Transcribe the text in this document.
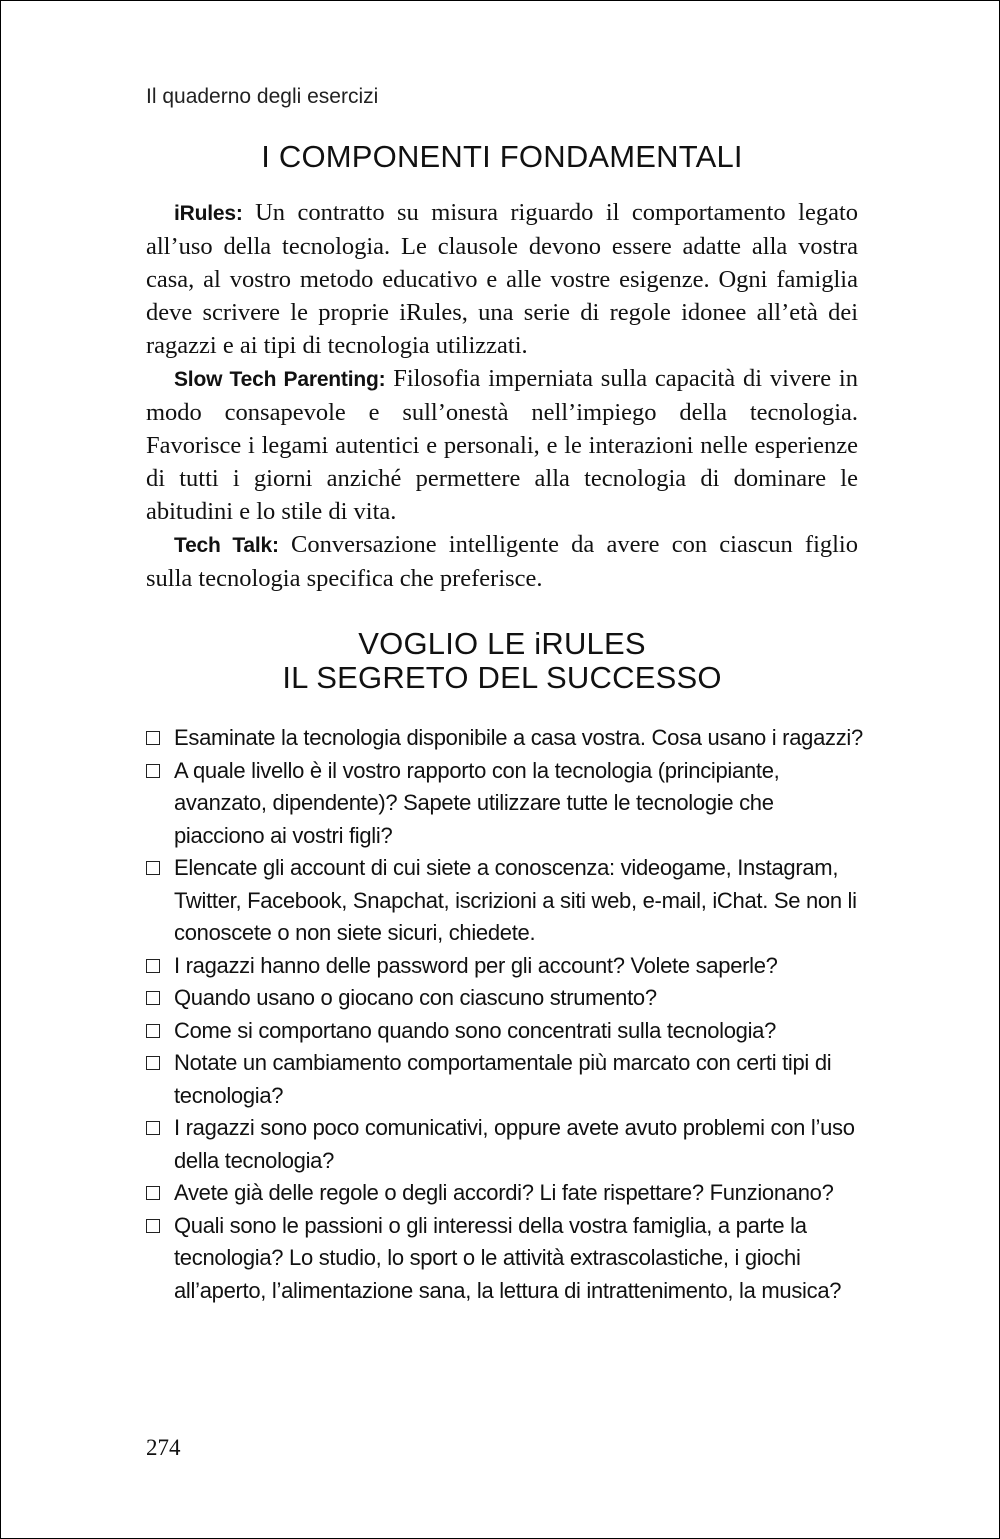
Il quaderno degli esercizi
I COMPONENTI FONDAMENTALI

iRules: Un contratto su misura riguardo il comportamento legato all’uso della tecnologia. Le clausole devono essere adatte alla vostra casa, al vostro metodo educativo e alle vostre esigenze. Ogni famiglia deve scrivere le proprie iRules, una serie di regole idonee all’età dei ragazzi e ai tipi di tecnologia utilizzati.

Slow Tech Parenting: Filosofia imperniata sulla capacità di vivere in modo consapevole e sull’onestà nell’impiego della tecnologia. Favorisce i legami autentici e personali, e le interazioni nelle esperienze di tutti i giorni anziché permettere alla tecnologia di dominare le abitudini e lo stile di vita.

Tech Talk: Conversazione intelligente da avere con ciascun figlio sulla tecnologia specifica che preferisce.

VOGLIO LE iRULES
IL SEGRETO DEL SUCCESSO
Esaminate la tecnologia disponibile a casa vostra. Cosa usano i ragazzi?
A quale livello è il vostro rapporto con la tecnologia (principiante, avanzato, dipendente)? Sapete utilizzare tutte le tecnologie che piacciono ai vostri figli?
Elencate gli account di cui siete a conoscenza: videogame, Instagram, Twitter, Facebook, Snapchat, iscrizioni a siti web, e-mail, iChat. Se non li conoscete o non siete sicuri, chiedete.
I ragazzi hanno delle password per gli account? Volete saperle?
Quando usano o giocano con ciascuno strumento?
Come si comportano quando sono concentrati sulla tecnologia?
Notate un cambiamento comportamentale più marcato con certi tipi di tecnologia?
I ragazzi sono poco comunicativi, oppure avete avuto problemi con l’uso della tecnologia?
Avete già delle regole o degli accordi? Li fate rispettare? Funzionano?
Quali sono le passioni o gli interessi della vostra famiglia, a parte la tecnologia? Lo studio, lo sport o le attività extrascolastiche, i giochi all’aperto, l’alimentazione sana, la lettura di intrattenimento, la musica?
274
